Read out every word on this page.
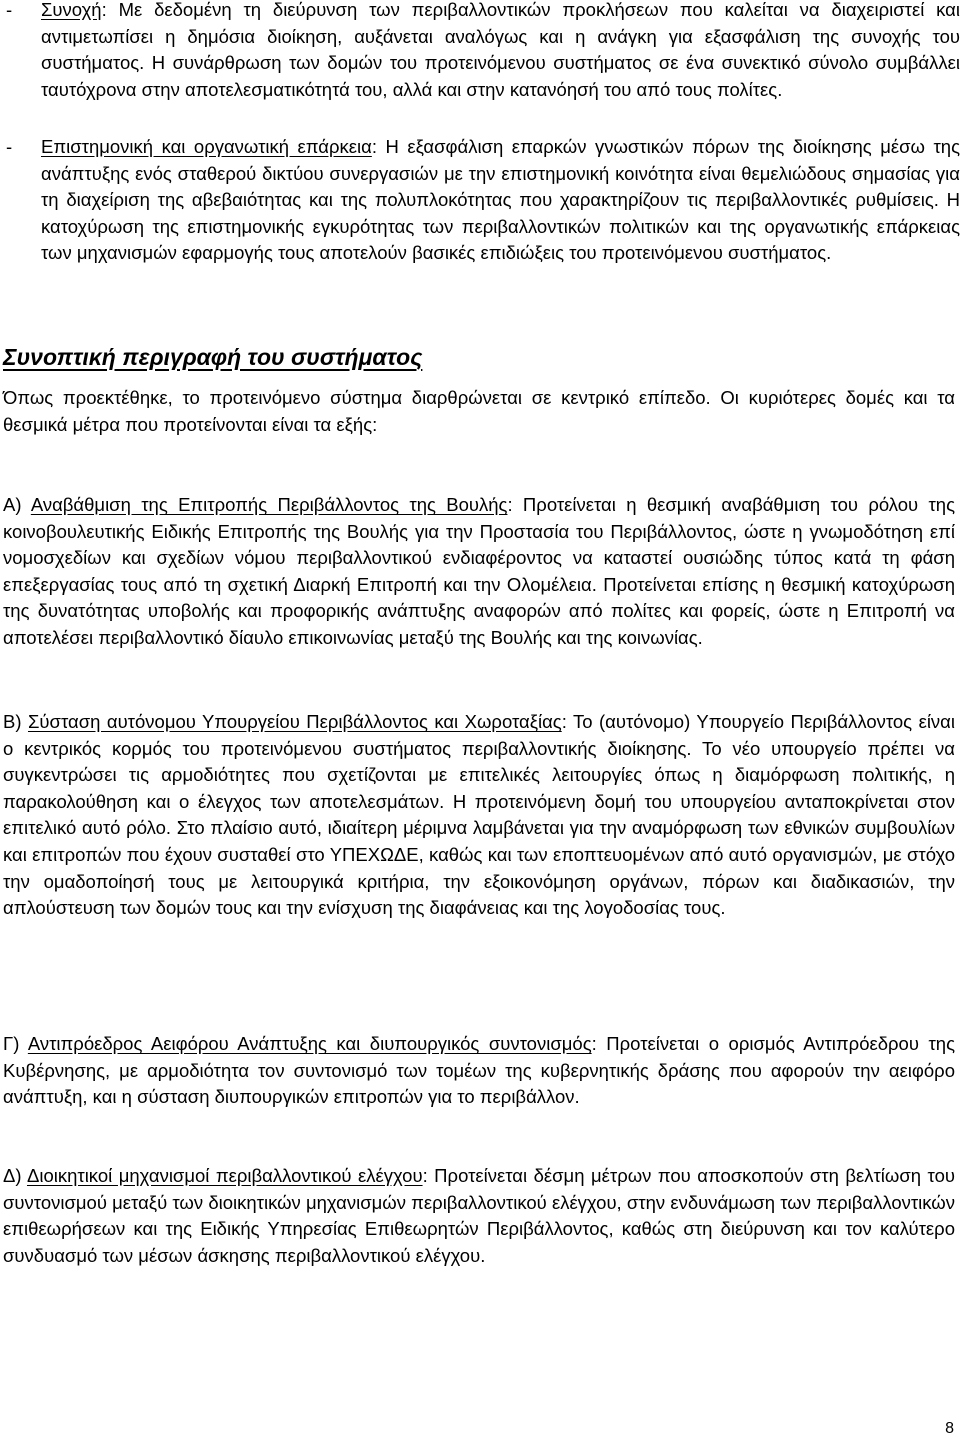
- Συνοχή: Με δεδομένη τη διεύρυνση των περιβαλλοντικών προκλήσεων που καλείται να διαχειριστεί και αντιμετωπίσει η δημόσια διοίκηση, αυξάνεται αναλόγως και η ανάγκη για εξασφάλιση της συνοχής του συστήματος. Η συνάρθρωση των δομών του προτεινόμενου συστήματος σε ένα συνεκτικό σύνολο συμβάλλει ταυτόχρονα στην αποτελεσματικότητά του, αλλά και στην κατανόησή του από τους πολίτες.

- Επιστημονική και οργανωτική επάρκεια: Η εξασφάλιση επαρκών γνωστικών πόρων της διοίκησης μέσω της ανάπτυξης ενός σταθερού δικτύου συνεργασιών με την επιστημονική κοινότητα είναι θεμελιώδους σημασίας για τη διαχείριση της αβεβαιότητας και της πολυπλοκότητας που χαρακτηρίζουν τις περιβαλλοντικές ρυθμίσεις. Η κατοχύρωση της επιστημονικής εγκυρότητας των περιβαλλοντικών πολιτικών και της οργανωτικής επάρκειας των μηχανισμών εφαρμογής τους αποτελούν βασικές επιδιώξεις του προτεινόμενου συστήματος.

Συνοπτική περιγραφή του συστήματος

Όπως προεκτέθηκε, το προτεινόμενο σύστημα διαρθρώνεται σε κεντρικό επίπεδο. Οι κυριότερες δομές και τα θεσμικά μέτρα που προτείνονται είναι τα εξής:

Α) Αναβάθμιση της Επιτροπής Περιβάλλοντος της Βουλής: Προτείνεται η θεσμική αναβάθμιση του ρόλου της κοινοβουλευτικής Ειδικής Επιτροπής της Βουλής για την Προστασία του Περιβάλλοντος, ώστε η γνωμοδότηση επί νομοσχεδίων και σχεδίων νόμου περιβαλλοντικού ενδιαφέροντος να καταστεί ουσιώδης τύπος κατά τη φάση επεξεργασίας τους από τη σχετική Διαρκή Επιτροπή και την Ολομέλεια. Προτείνεται επίσης η θεσμική κατοχύρωση της δυνατότητας υποβολής και προφορικής ανάπτυξης αναφορών από πολίτες και φορείς, ώστε η Επιτροπή να αποτελέσει περιβαλλοντικό δίαυλο επικοινωνίας μεταξύ της Βουλής και της κοινωνίας.

Β) Σύσταση αυτόνομου Υπουργείου Περιβάλλοντος και Χωροταξίας: Το (αυτόνομο) Υπουργείο Περιβάλλοντος είναι ο κεντρικός κορμός του προτεινόμενου συστήματος περιβαλλοντικής διοίκησης. Το νέο υπουργείο πρέπει να συγκεντρώσει τις αρμοδιότητες που σχετίζονται με επιτελικές λειτουργίες όπως η διαμόρφωση πολιτικής, η παρακολούθηση και ο έλεγχος των αποτελεσμάτων. Η προτεινόμενη δομή του υπουργείου ανταποκρίνεται στον επιτελικό αυτό ρόλο. Στο πλαίσιο αυτό, ιδιαίτερη μέριμνα λαμβάνεται για την αναμόρφωση των εθνικών συμβουλίων και επιτροπών που έχουν συσταθεί στο ΥΠΕΧΩΔΕ, καθώς και των εποπτευομένων από αυτό οργανισμών, με στόχο την ομαδοποίησή τους με λειτουργικά κριτήρια, την εξοικονόμηση οργάνων, πόρων και διαδικασιών, την απλούστευση των δομών τους και την ενίσχυση της διαφάνειας και της λογοδοσίας τους.

Γ) Αντιπρόεδρος Αειφόρου Ανάπτυξης και διυπουργικός συντονισμός: Προτείνεται ο ορισμός Αντιπρόεδρου της Κυβέρνησης, με αρμοδιότητα τον συντονισμό των τομέων της κυβερνητικής δράσης που αφορούν την αειφόρο ανάπτυξη, και η σύσταση διυπουργικών επιτροπών για το περιβάλλον.

Δ) Διοικητικοί μηχανισμοί περιβαλλοντικού ελέγχου: Προτείνεται δέσμη μέτρων που αποσκοπούν στη βελτίωση του συντονισμού μεταξύ των διοικητικών μηχανισμών περιβαλλοντικού ελέγχου, στην ενδυνάμωση των περιβαλλοντικών επιθεωρήσεων και της Ειδικής Υπηρεσίας Επιθεωρητών Περιβάλλοντος, καθώς στη διεύρυνση και τον καλύτερο συνδυασμό των μέσων άσκησης περιβαλλοντικού ελέγχου.

8
